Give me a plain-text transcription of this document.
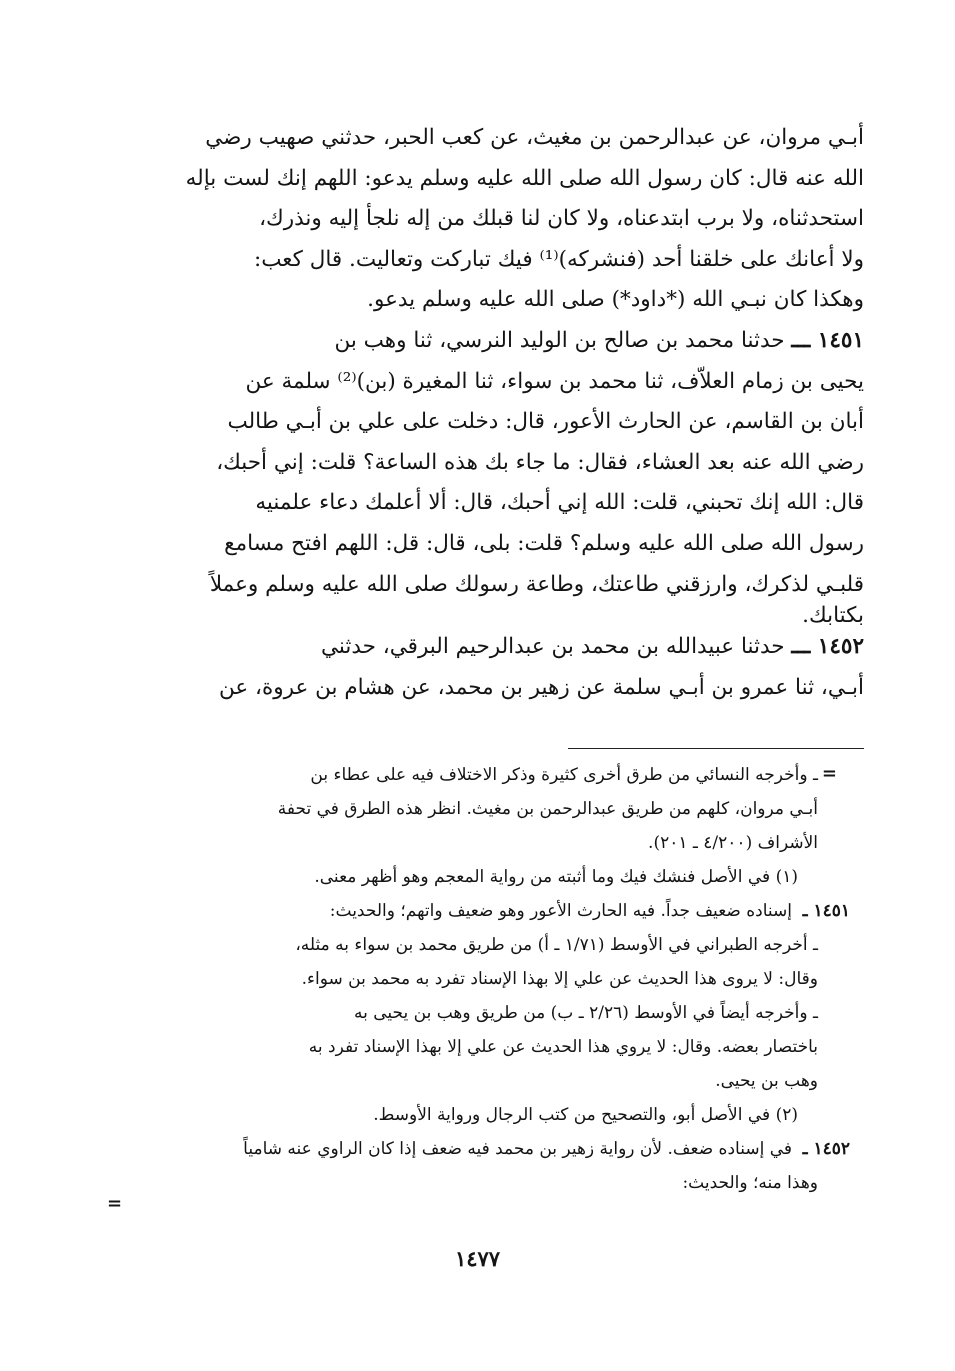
أبـي مروان، عن عبدالرحمن بن مغيث، عن كعب الحبر، حدثني صهيب رضي
الله عنه قال: كان رسول الله صلى الله عليه وسلم يدعو: اللهم إنك لست بإله
استحدثناه، ولا برب ابتدعناه، ولا كان لنا قبلك من إله نلجأ إليه ونذرك،
ولا أعانك على خلقنا أحد (فنشركه)⁽¹⁾ فيك تباركت وتعاليت. قال كعب:
وهكذا كان نبـي الله (*داود*) صلى الله عليه وسلم يدعو.
١٤٥١ ـــ حدثنا محمد بن صالح بن الوليد النرسي، ثنا وهب بن
يحيى بن زمام العلاّف، ثنا محمد بن سواء، ثنا المغيرة (بن)⁽²⁾ سلمة عن
أبان بن القاسم، عن الحارث الأعور، قال: دخلت على علي بن أبـي طالب
رضي الله عنه بعد العشاء، فقال: ما جاء بك هذه الساعة؟ قلت: إني أحبك،
قال: الله إنك تحبني، قلت: الله إني أحبك، قال: ألا أعلمك دعاء علمنيه
رسول الله صلى الله عليه وسلم؟ قلت: بلى، قال: قل: اللهم افتح مسامع
قلبـي لذكرك، وارزقني طاعتك، وطاعة رسولك صلى الله عليه وسلم وعملاً
بكتابك.
١٤٥٢ ـــ حدثنا عبيدالله بن محمد بن عبدالرحيم البرقي، حدثني
أبـي، ثنا عمرو بن أبـي سلمة عن زهير بن محمد، عن هشام بن عروة، عن
=
ـ وأخرجه النسائي من طرق أخرى كثيرة وذكر الاختلاف فيه على عطاء بن
أبـي مروان، كلهم من طريق عبدالرحمن بن مغيث. انظر هذه الطرق في تحفة
الأشراف (٤/٢٠٠ ـ ٢٠١).
(١) في الأصل فنشك فيك وما أثبته من رواية المعجم وهو أظهر معنى.
١٤٥١ ـ
إسناده ضعيف جداً. فيه الحارث الأعور وهو ضعيف واتهم؛ والحديث:
ـ أخرجه الطبراني في الأوسط (١/٧١ ـ أ) من طريق محمد بن سواء به مثله،
وقال: لا يروى هذا الحديث عن علي إلا بهذا الإسناد تفرد به محمد بن سواء.
ـ وأخرجه أيضاً في الأوسط (٢/٢٦ ـ ب) من طريق وهب بن يحيى به
باختصار بعضه. وقال: لا يروي هذا الحديث عن علي إلا بهذا الإسناد تفرد به
وهب بن يحيى.
(٢) في الأصل أبو، والتصحيح من كتب الرجال ورواية الأوسط.
١٤٥٢ ـ
في إسناده ضعف. لأن رواية زهير بن محمد فيه ضعف إذا كان الراوي عنه شامياً
وهذا منه؛ والحديث:
=
١٤٧٧
